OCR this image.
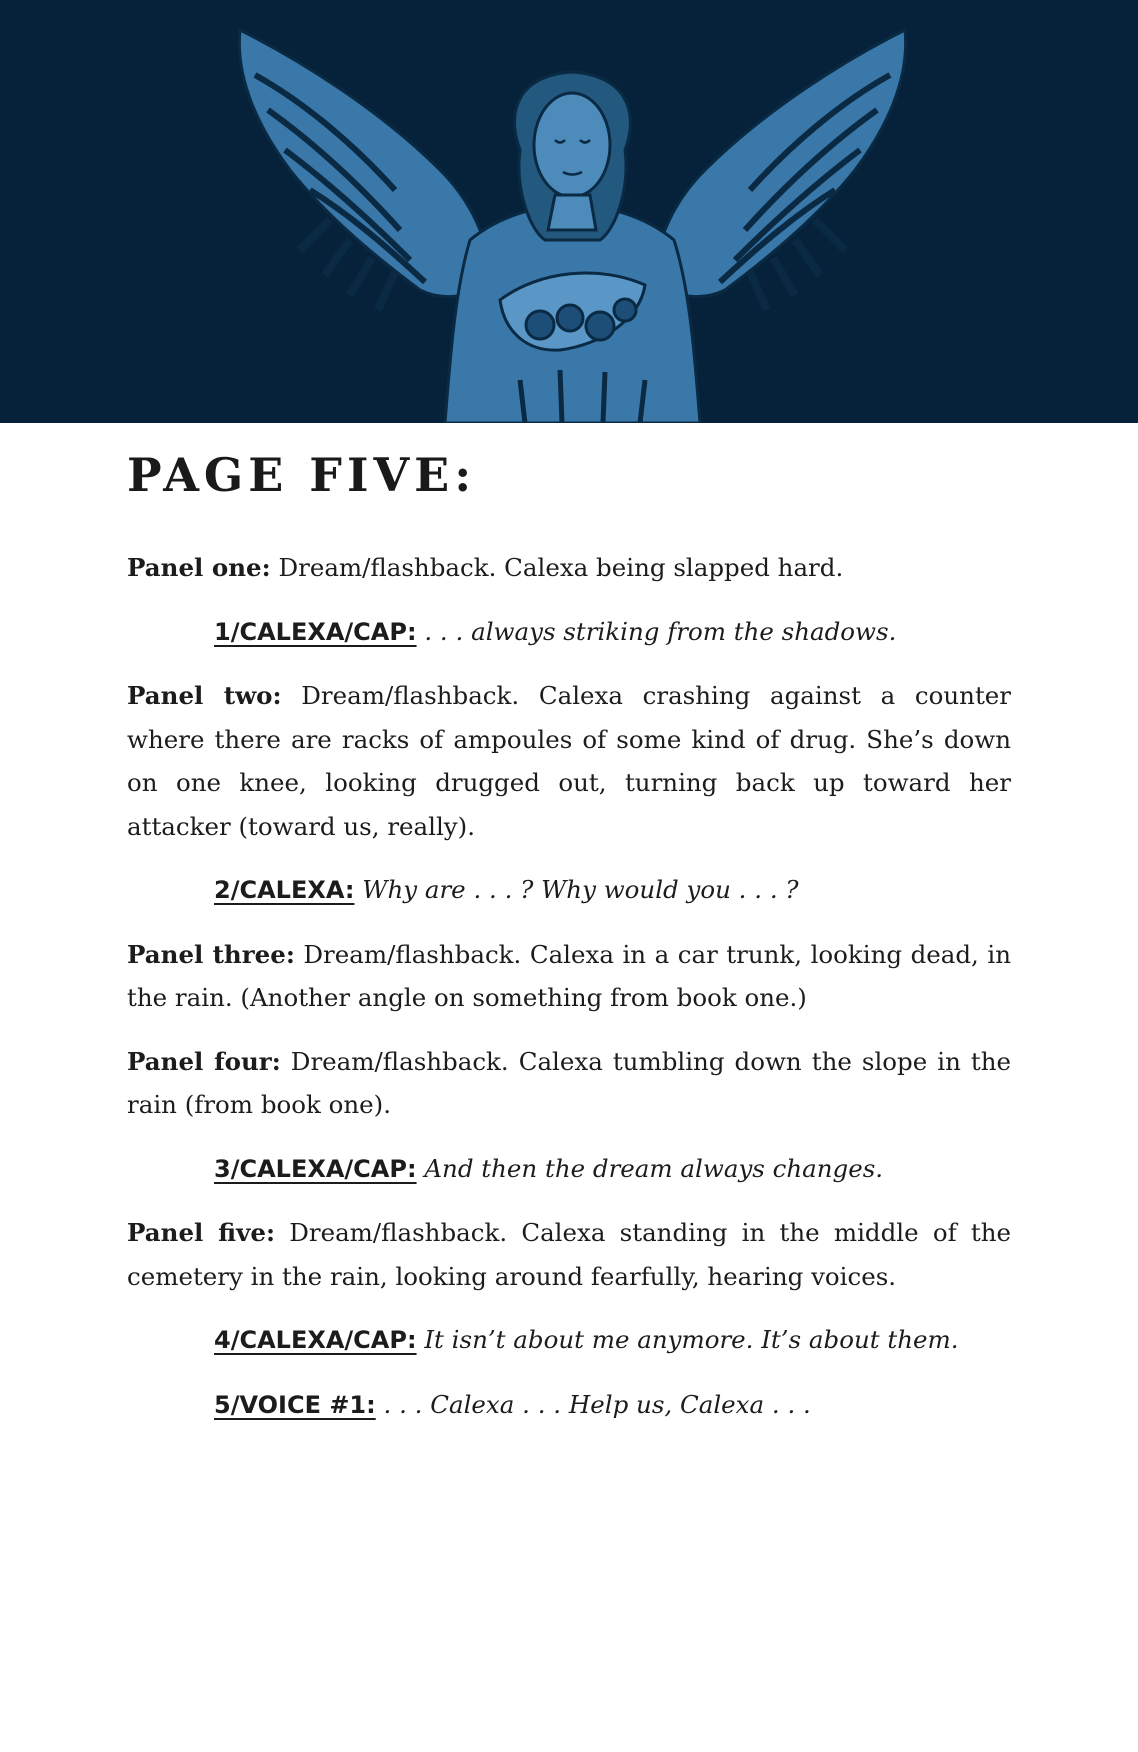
PAGE FIVE:

Panel one: Dream/flashback. Calexa being slapped hard.

1/CALEXA/CAP: . . . always striking from the shadows.

Panel two: Dream/flashback. Calexa crashing against a counter where there are racks of ampoules of some kind of drug. She’s down on one knee, looking drugged out, turning back up toward her attacker (toward us, really).

2/CALEXA: Why are . . . ? Why would you . . . ?

Panel three: Dream/flashback. Calexa in a car trunk, looking dead, in the rain. (Another angle on something from book one.)

Panel four: Dream/flashback. Calexa tumbling down the slope in the rain (from book one).

3/CALEXA/CAP: And then the dream always changes.

Panel five: Dream/flashback. Calexa standing in the middle of the cemetery in the rain, looking around fearfully, hearing voices.

4/CALEXA/CAP: It isn’t about me anymore. It’s about them.

5/VOICE #1: . . . Calexa . . . Help us, Calexa . . .
